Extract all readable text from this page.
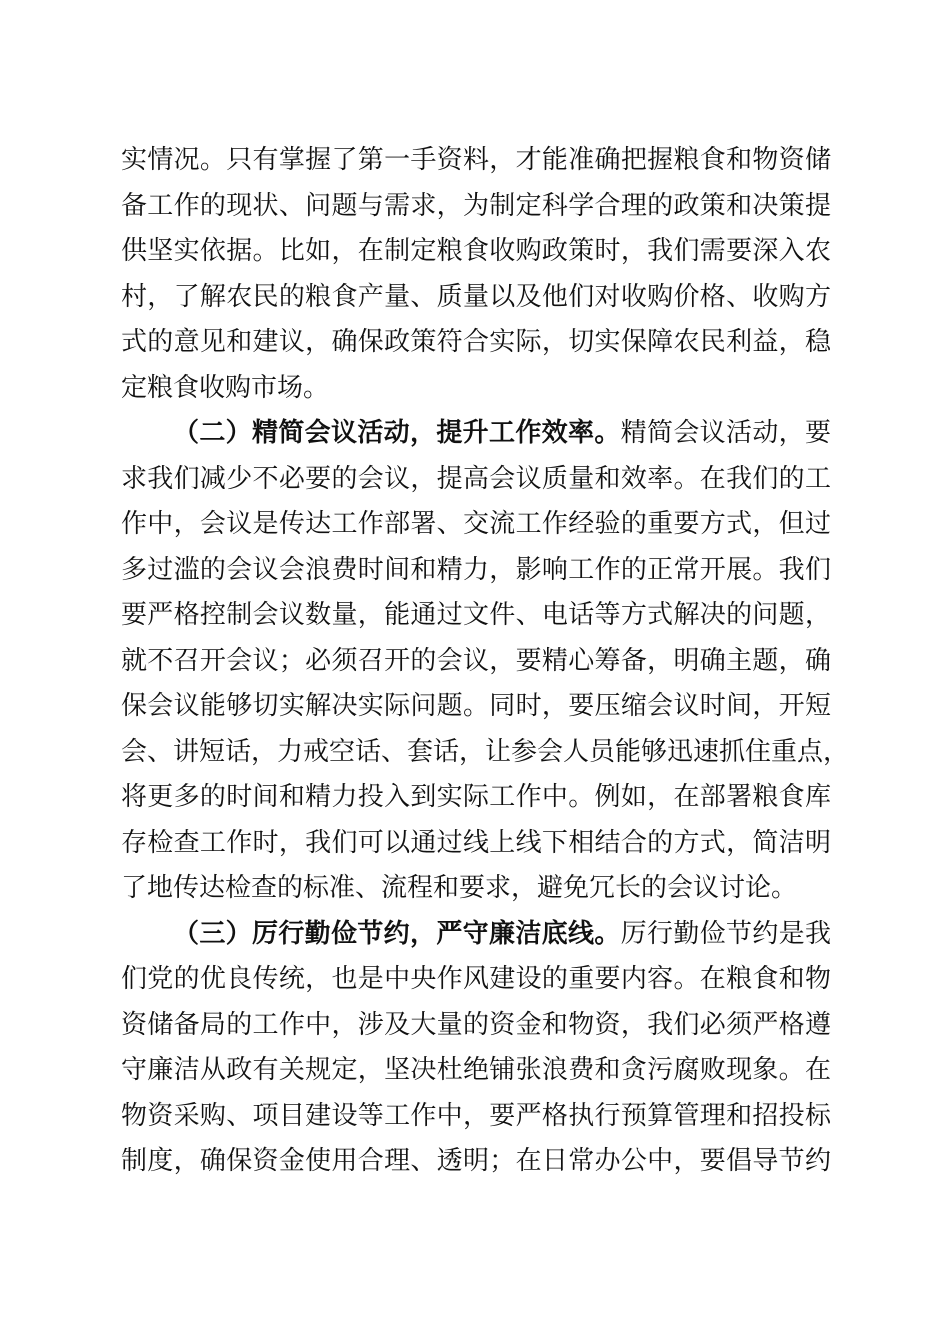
实情况。只有掌握了第一手资料，才能准确把握粮食和物资储
备工作的现状、问题与需求，为制定科学合理的政策和决策提
供坚实依据。比如，在制定粮食收购政策时，我们需要深入农
村，了解农民的粮食产量、质量以及他们对收购价格、收购方
式的意见和建议，确保政策符合实际，切实保障农民利益，稳
定粮食收购市场。
（二）精简会议活动，提升工作效率。精简会议活动，要
求我们减少不必要的会议，提高会议质量和效率。在我们的工
作中，会议是传达工作部署、交流工作经验的重要方式，但过
多过滥的会议会浪费时间和精力，影响工作的正常开展。我们
要严格控制会议数量，能通过文件、电话等方式解决的问题，
就不召开会议；必须召开的会议，要精心筹备，明确主题，确
保会议能够切实解决实际问题。同时，要压缩会议时间，开短
会、讲短话，力戒空话、套话，让参会人员能够迅速抓住重点，
将更多的时间和精力投入到实际工作中。例如，在部署粮食库
存检查工作时，我们可以通过线上线下相结合的方式，简洁明
了地传达检查的标准、流程和要求，避免冗长的会议讨论。
（三）厉行勤俭节约，严守廉洁底线。厉行勤俭节约是我
们党的优良传统，也是中央作风建设的重要内容。在粮食和物
资储备局的工作中，涉及大量的资金和物资，我们必须严格遵
守廉洁从政有关规定，坚决杜绝铺张浪费和贪污腐败现象。在
物资采购、项目建设等工作中，要严格执行预算管理和招投标
制度，确保资金使用合理、透明；在日常办公中，要倡导节约
